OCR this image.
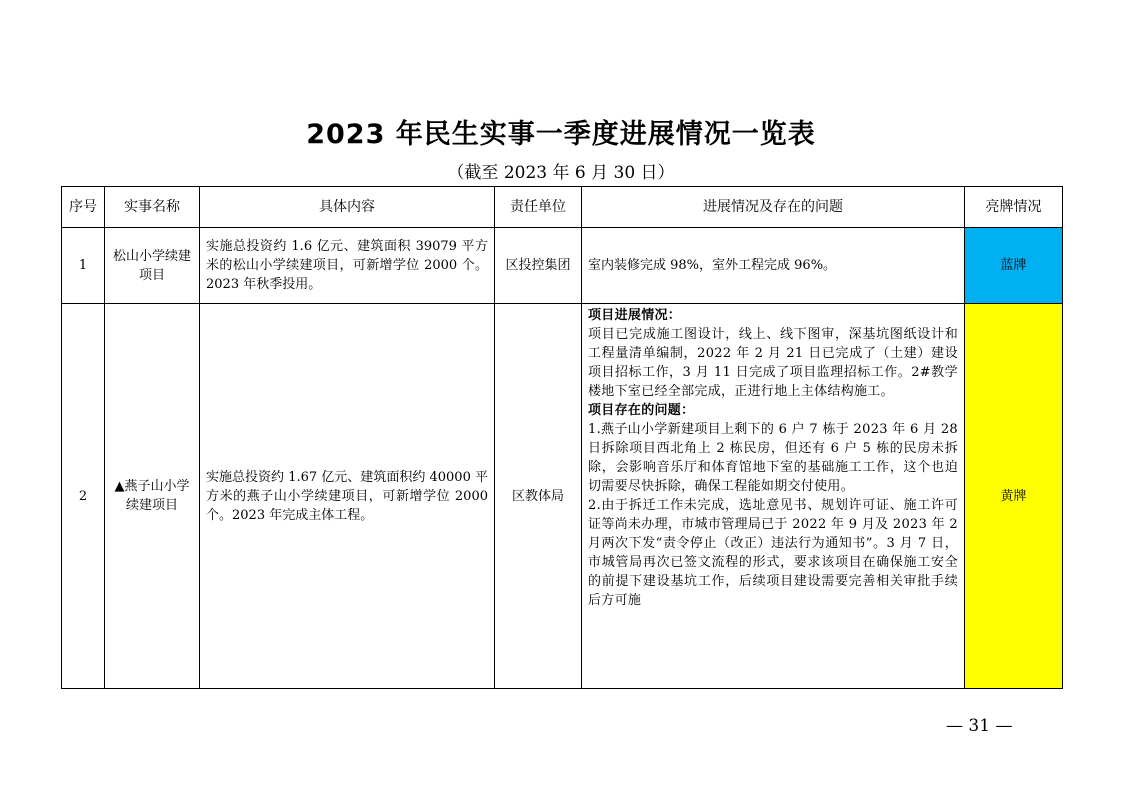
2023 年民生实事一季度进展情况一览表
（截至 2023 年 6 月 30 日）
序号	实事名称	具体内容	责任单位	进展情况及存在的问题	亮牌情况
1	松山小学续建项目	实施总投资约 1.6 亿元、建筑面积 39079 平方米的松山小学续建项目，可新增学位 2000 个。2023 年秋季投用。	区投控集团	室内装修完成 98%，室外工程完成 96%。	蓝牌
2	▲燕子山小学续建项目	实施总投资约 1.67 亿元、建筑面积约 40000 平方米的燕子山小学续建项目，可新增学位 2000 个。2023 年完成主体工程。	区教体局	项目进展情况：
项目已完成施工图设计，线上、线下图审，深基坑图纸设计和工程量清单编制，2022 年 2 月 21 日已完成了（土建）建设项目招标工作，3 月 11 日完成了项目监理招标工作。2#教学楼地下室已经全部完成，正进行地上主体结构施工。
项目存在的问题：
1.燕子山小学新建项目上剩下的 6 户 7 栋于 2023 年 6 月 28 日拆除项目西北角上 2 栋民房，但还有 6 户 5 栋的民房未拆除，会影响音乐厅和体育馆地下室的基础施工工作，这个也迫切需要尽快拆除，确保工程能如期交付使用。
2.由于拆迁工作未完成，选址意见书、规划许可证、施工许可证等尚未办理，市城市管理局已于 2022 年 9 月及 2023 年 2 月两次下发“责令停止（改正）违法行为通知书”。3 月 7 日，市城管局再次已签文流程的形式，要求该项目在确保施工安全的前提下建设基坑工作，后续项目建设需要完善相关审批手续后方可施	黄牌
— 31 —
